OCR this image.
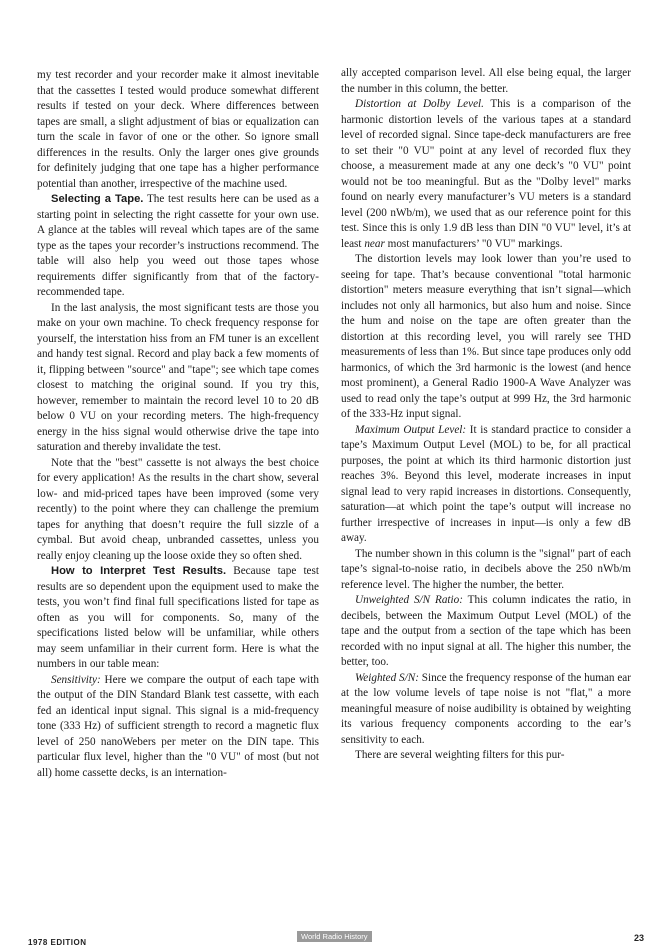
my test recorder and your recorder make it almost inevitable that the cassettes I tested would produce somewhat different results if tested on your deck. Where differences between tapes are small, a slight adjustment of bias or equalization can turn the scale in favor of one or the other. So ignore small differences in the results. Only the larger ones give grounds for definitely judging that one tape has a higher performance potential than another, irrespective of the machine used.

Selecting a Tape. The test results here can be used as a starting point in selecting the right cassette for your own use. A glance at the tables will reveal which tapes are of the same type as the tapes your recorder’s instructions recommend. The table will also help you weed out those tapes whose requirements differ significantly from that of the factory-recommended tape.

In the last analysis, the most significant tests are those you make on your own machine. To check frequency response for yourself, the interstation hiss from an FM tuner is an excellent and handy test signal. Record and play back a few moments of it, flipping between "source" and "tape"; see which tape comes closest to matching the original sound. If you try this, however, remember to maintain the record level 10 to 20 dB below 0 VU on your recording meters. The high-frequency energy in the hiss signal would otherwise drive the tape into saturation and thereby invalidate the test.

Note that the "best" cassette is not always the best choice for every application! As the results in the chart show, several low- and mid-priced tapes have been improved (some very recently) to the point where they can challenge the premium tapes for anything that doesn’t require the full sizzle of a cymbal. But avoid cheap, unbranded cassettes, unless you really enjoy cleaning up the loose oxide they so often shed.

How to Interpret Test Results. Because tape test results are so dependent upon the equipment used to make the tests, you won’t find final full specifications listed for tape as often as you will for components. So, many of the specifications listed below will be unfamiliar, while others may seem unfamiliar in their current form. Here is what the numbers in our table mean:

Sensitivity: Here we compare the output of each tape with the output of the DIN Standard Blank test cassette, with each fed an identical input signal. This signal is a mid-frequency tone (333 Hz) of sufficient strength to record a magnetic flux level of 250 nanoWebers per meter on the DIN tape. This particular flux level, higher than the "0 VU" of most (but not all) home cassette decks, is an internation-

ally accepted comparison level. All else being equal, the larger the number in this column, the better.

Distortion at Dolby Level. This is a comparison of the harmonic distortion levels of the various tapes at a standard level of recorded signal. Since tape-deck manufacturers are free to set their "0 VU" point at any level of recorded flux they choose, a measurement made at any one deck’s "0 VU" point would not be too meaningful. But as the "Dolby level" marks found on nearly every manufacturer’s VU meters is a standard level (200 nWb/m), we used that as our reference point for this test. Since this is only 1.9 dB less than DIN "0 VU" level, it’s at least near most manufacturers’ "0 VU" markings.

The distortion levels may look lower than you’re used to seeing for tape. That’s because conventional "total harmonic distortion" meters measure everything that isn’t signal—which includes not only all harmonics, but also hum and noise. Since the hum and noise on the tape are often greater than the distortion at this recording level, you will rarely see THD measurements of less than 1%. But since tape produces only odd harmonics, of which the 3rd harmonic is the lowest (and hence most prominent), a General Radio 1900-A Wave Analyzer was used to read only the tape’s output at 999 Hz, the 3rd harmonic of the 333-Hz input signal.

Maximum Output Level: It is standard practice to consider a tape’s Maximum Output Level (MOL) to be, for all practical purposes, the point at which its third harmonic distortion just reaches 3%. Beyond this level, moderate increases in input signal lead to very rapid increases in distortions. Consequently, saturation—at which point the tape’s output will increase no further irrespective of increases in input—is only a few dB away.

The number shown in this column is the "signal" part of each tape’s signal-to-noise ratio, in decibels above the 250 nWb/m reference level. The higher the number, the better.

Unweighted S/N Ratio: This column indicates the ratio, in decibels, between the Maximum Output Level (MOL) of the tape and the output from a section of the tape which has been recorded with no input signal at all. The higher this number, the better, too.

Weighted S/N: Since the frequency response of the human ear at the low volume levels of tape noise is not "flat," a more meaningful measure of noise audibility is obtained by weighting its various frequency components according to the ear’s sensitivity to each.

There are several weighting filters for this pur-

1978 EDITION
World Radio History	23
